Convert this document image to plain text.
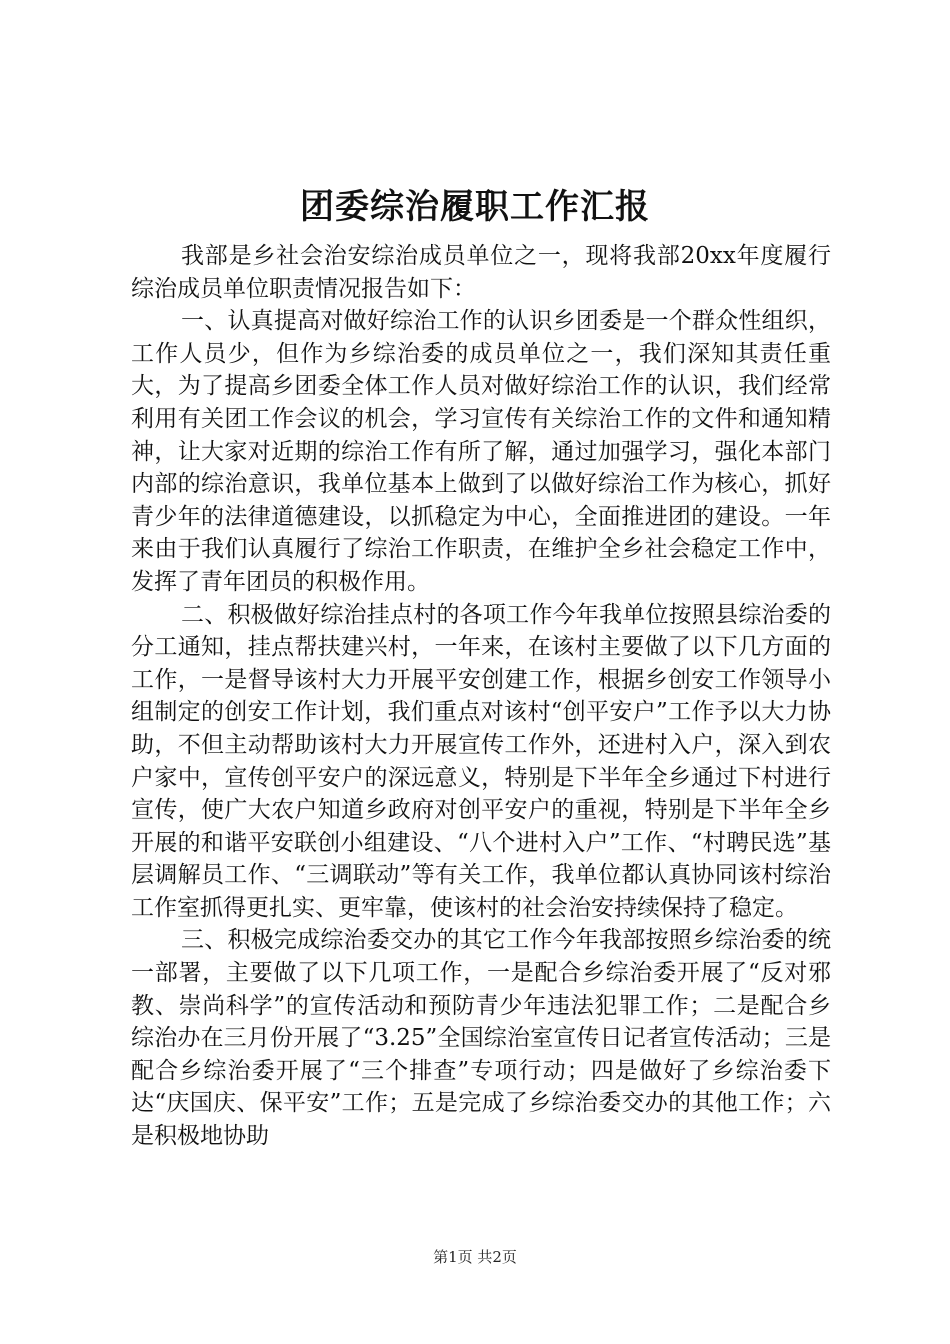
团委综治履职工作汇报

我部是乡社会治安综治成员单位之一，现将我部20xx年度履行综治成员单位职责情况报告如下：

一、认真提高对做好综治工作的认识乡团委是一个群众性组织，工作人员少，但作为乡综治委的成员单位之一，我们深知其责任重大，为了提高乡团委全体工作人员对做好综治工作的认识，我们经常利用有关团工作会议的机会，学习宣传有关综治工作的文件和通知精神，让大家对近期的综治工作有所了解，通过加强学习，强化本部门内部的综治意识，我单位基本上做到了以做好综治工作为核心，抓好青少年的法律道德建设，以抓稳定为中心，全面推进团的建设。一年来由于我们认真履行了综治工作职责，在维护全乡社会稳定工作中，发挥了青年团员的积极作用。

二、积极做好综治挂点村的各项工作今年我单位按照县综治委的分工通知，挂点帮扶建兴村，一年来，在该村主要做了以下几方面的工作，一是督导该村大力开展平安创建工作，根据乡创安工作领导小组制定的创安工作计划，我们重点对该村“创平安户”工作予以大力协助，不但主动帮助该村大力开展宣传工作外，还进村入户，深入到农户家中，宣传创平安户的深远意义，特别是下半年全乡通过下村进行宣传，使广大农户知道乡政府对创平安户的重视，特别是下半年全乡开展的和谐平安联创小组建设、“八个进村入户”工作、“村聘民选”基层调解员工作、“三调联动”等有关工作，我单位都认真协同该村综治工作室抓得更扎实、更牢靠，使该村的社会治安持续保持了稳定。

三、积极完成综治委交办的其它工作今年我部按照乡综治委的统一部署，主要做了以下几项工作，一是配合乡综治委开展了“反对邪教、崇尚科学”的宣传活动和预防青少年违法犯罪工作；二是配合乡综治办在三月份开展了“3.25”全国综治室宣传日记者宣传活动；三是配合乡综治委开展了“三个排查”专项行动；四是做好了乡综治委下达“庆国庆、保平安”工作；五是完成了乡综治委交办的其他工作；六是积极地协助

第1页 共2页
